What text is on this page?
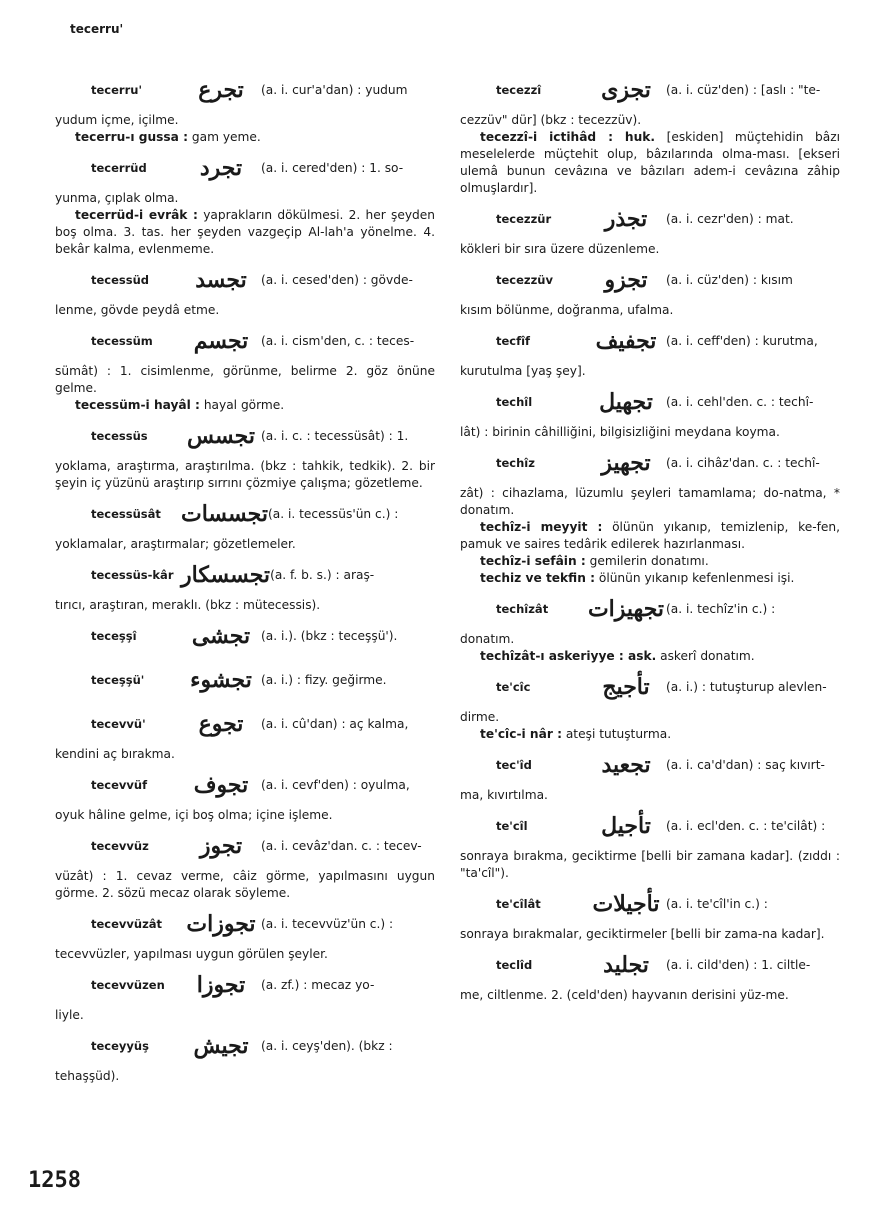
tecerru'
tecerru'	تجرع	(a. i. cur'a'dan) : yudum
yudum içme, içilme.
tecerru-ı gussa : gam yeme.
tecerrüd	تجرد	(a. i. cered'den) : 1. so-
yunma, çıplak olma.
tecerrüd-i evrâk : yaprakların dökülmesi. 2. her şeyden boş olma. 3. tas. her şeyden vazgeçip Al-lah'a yönelme. 4. bekâr kalma, evlenmeme.
tecessüd	تجسد	(a. i. cesed'den) : gövde-
lenme, gövde peydâ etme.
tecessüm	تجسم	(a. i. cism'den, c. : teces-
sümât) : 1. cisimlenme, görünme, belirme 2. göz önüne gelme.
tecessüm-i hayâl : hayal görme.
tecessüs	تجسس (a. i. c. : tecessüsât) : 1.
yoklama, araştırma, araştırılma. (bkz : tahkik, tedkik). 2. bir şeyin iç yüzünü araştırıp sırrını çözmiye çalışma; gözetleme.
tecessüsât تجسسات (a. i. tecessüs'ün c.) :
yoklamalar, araştırmalar; gözetlemeler.
tecessüs-kâr تجسسكار (a. f. b. s.) : araş-
tırıcı, araştıran, meraklı. (bkz : mütecessis).
teceşşî	تجشى (a. i.). (bkz : teceşşü').
teceşşü'	تجشوء (a. i.) : fizy. geğirme.
tecevvü'	تجوع	(a. i. cû'dan) : aç kalma,
kendini aç bırakma.
tecevvüf	تجوف	(a. i. cevf'den) : oyulma,
oyuk hâline gelme, içi boş olma; içine işleme.
tecevvüz	تجوز	(a. i. cevâz'dan. c. : tecev-
vüzât) : 1. cevaz verme, câiz görme, yapılmasını uygun görme. 2. sözü mecaz olarak söyleme.
tecevvüzât	تجوزات (a. i. tecevvüz'ün c.) :
tecevvüzler, yapılması uygun görülen şeyler.
tecevvüzen	تجوزا	(a. zf.) : mecaz yo-
liyle.
teceyyüş	تجيش	(a. i. ceyş'den). (bkz :
tehaşşüd).
tecezzî	تجزى	(a. i. cüz'den) : [aslı : "te-
cezzüv" dür] (bkz : tecezzüv).
tecezzî-i ictihâd : huk. [eskiden] müçtehidin bâzı meselelerde müçtehit olup, bâzılarında olma-ması. [ekseri ulemâ bunun cevâzına ve bâzıları adem-i cevâzına zâhip olmuşlardır].
tecezzür	تجذر	(a. i. cezr'den) : mat.
kökleri bir sıra üzere düzenleme.
tecezzüv	تجزو	(a. i. cüz'den) : kısım
kısım bölünme, doğranma, ufalma.
tecfîf	تجفيف (a. i. ceff'den) : kurutma,
kurutulma [yaş şey].
techîl	تجهيل	(a. i. cehl'den. c. : techî-
lât) : birinin câhilliğini, bilgisizliğini meydana koyma.
techîz	تجهيز	(a. i. cihâz'dan. c. : techî-
zât) : cihazlama, lüzumlu şeyleri tamamlama; do-natma, * donatım.
techîz-i meyyit : ölünün yıkanıp, temizlenip, ke-fen, pamuk ve saires tedârik edilerek hazırlanması.
techîz-i sefâin : gemilerin donatımı.
techiz ve tekfin : ölünün yıkanıp kefenlenmesi işi.
techîzât	تجهيزات (a. i. techîz'in c.) :
donatım.
techîzât-ı askeriyye : ask. askerî donatım.
te'cîc	تأجيج	(a. i.) : tutuşturup alevlen-
dirme.
te'cîc-i nâr : ateşi tutuşturma.
tec'îd	تجعيد	(a. i. ca'd'dan) : saç kıvırt-
ma, kıvırtılma.
te'cîl	تأجيل	(a. i. ecl'den. c. : te'cilât) :
sonraya bırakma, geciktirme [belli bir zamana kadar]. (zıddı : "ta'cîl").
te'cîlât	تأجيلات (a. i. te'cîl'in c.) :
sonraya bırakmalar, geciktirmeler [belli bir zama-na kadar].
teclîd	تجليد	(a. i. cild'den) : 1. ciltle-
me, ciltlenme. 2. (celd'den) hayvanın derisini yüz-me.
1258
